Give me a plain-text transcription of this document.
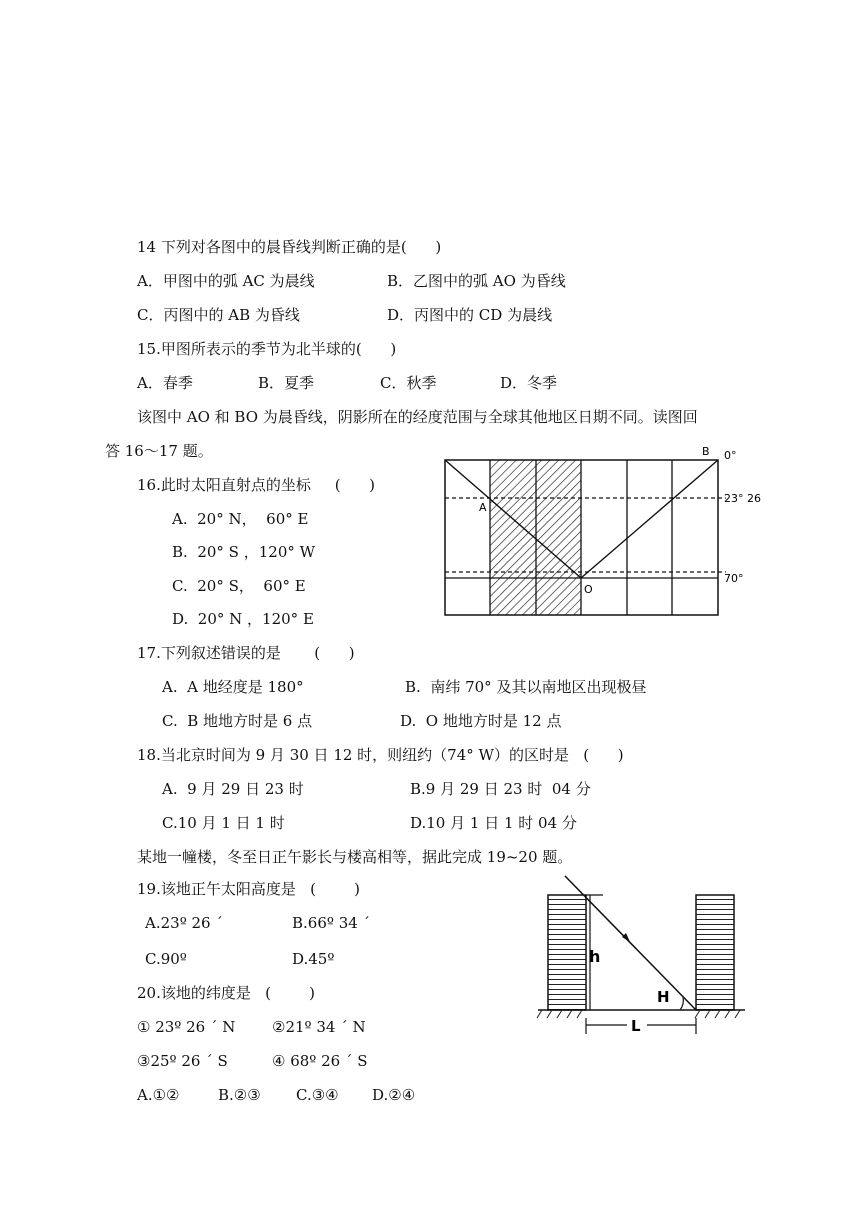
14 下列对各图中的晨昏线判断正确的是(      )
A．甲图中的弧 AC 为晨线	B．乙图中的弧 AO 为昏线
C．丙图中的 AB 为昏线	D．丙图中的 CD 为晨线
15.甲图所表示的季节为北半球的(      )
A．春季	B．夏季	C．秋季	D．冬季
该图中 AO 和 BO 为晨昏线，阴影所在的经度范围与全球其他地区日期不同。读图回
答 16～17 题。
16.此时太阳直射点的坐标     (      )
A.  20° N，  60° E
B.  20° S ，120° W
C.  20° S，  60° E
D.  20° N ，120° E
B 0°
A
23° 26
70°
O
17.下列叙述错误的是       (      )
A.  A 地经度是 180°	B.  南纬 70° 及其以南地区出现极昼
C.  B 地地方时是 6 点	D.  O 地地方时是 12 点
18.当北京时间为 9 月 30 日 12 时，则纽约（74° W）的区时是   (      )
A.  9 月 29 日 23 时	B.9 月 29 日 23 时  04 分
C.10 月 1 日 1 时	D.10 月 1 日 1 时 04 分
某地一幢楼，冬至日正午影长与楼高相等，据此完成 19~20 题。
19.该地正午太阳高度是   (        )
A.23º 26 ˊ	B.66º 34 ˊ
C.90º	D.45º
20.该地的纬度是   (        )
① 23º 26 ˊ N ②21º 34 ˊ N
③25º 26 ˊ S	④ 68º 26 ˊ S
A.①②	B.②③ C.③④ D.②④
h
H
L
